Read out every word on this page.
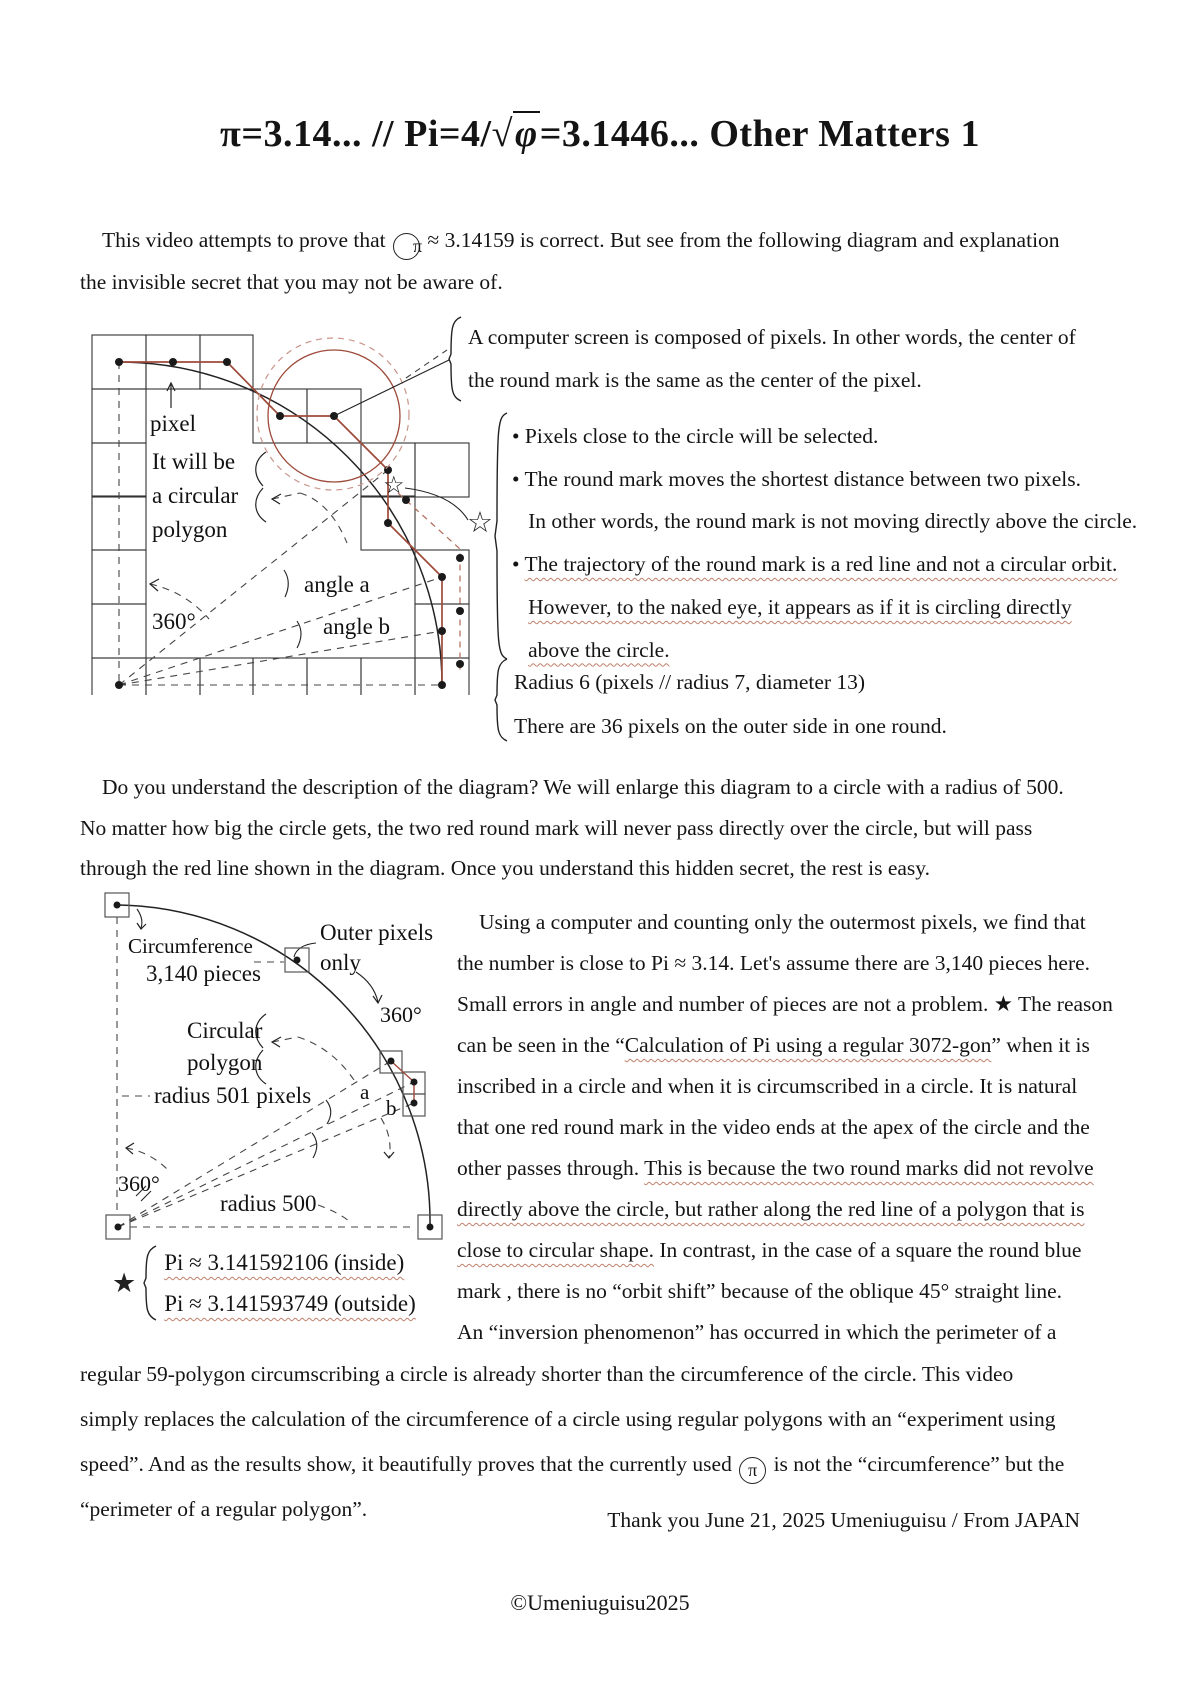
π=3.14... // Pi=4/√φ=3.1446... Other Matters 1
This video attempts to prove that π ≈ 3.14159 is correct. But see from the following diagram and explanation
the invisible secret that you may not be aware of.
pixel
It will be
a circular
polygon
angle a
angle b
360°
☆
☆
A computer screen is composed of pixels. In other words, the center of
the round mark is the same as the center of the pixel.
• Pixels close to the circle will be selected.
• The round mark moves the shortest distance between two pixels.
In other words, the round mark is not moving directly above the circle.
• The trajectory of the round mark is a red line and not a circular orbit.
However, to the naked eye, it appears as if it is circling directly
above the circle.
Radius 6 (pixels // radius 7, diameter 13)
There are 36 pixels on the outer side in one round.
Do you understand the description of the diagram? We will enlarge this diagram to a circle with a radius of 500.
No matter how big the circle gets, the two red round mark will never pass directly over the circle, but will pass
through the red line shown in the diagram. Once you understand this hidden secret, the rest is easy.
Circumference
3,140 pieces
Outer pixels
only
360°
Circular
polygon
radius 501 pixels a
b
360°
radius 500
★
Pi ≈ 3.141592106 (inside)
Pi ≈ 3.141593749 (outside)
Using a computer and counting only the outermost pixels, we find that
the number is close to Pi ≈ 3.14. Let's assume there are 3,140 pieces here.
Small errors in angle and number of pieces are not a problem. ★ The reason
can be seen in the “Calculation of Pi using a regular 3072-gon” when it is
inscribed in a circle and when it is circumscribed in a circle. It is natural
that one red round mark in the video ends at the apex of the circle and the
other passes through. This is because the two round marks did not revolve
directly above the circle, but rather along the red line of a polygon that is
close to circular shape. In contrast, in the case of a square the round blue
mark , there is no “orbit shift” because of the oblique 45° straight line.
An “inversion phenomenon” has occurred in which the perimeter of a
regular 59-polygon circumscribing a circle is already shorter than the circumference of the circle. This video
simply replaces the calculation of the circumference of a circle using regular polygons with an “experiment using
speed”. And as the results show, it beautifully proves that the currently used π is not the “circumference” but the
“perimeter of a regular polygon”.	Thank you June 21, 2025 Umeniuguisu / From JAPAN
©Umeniuguisu2025
